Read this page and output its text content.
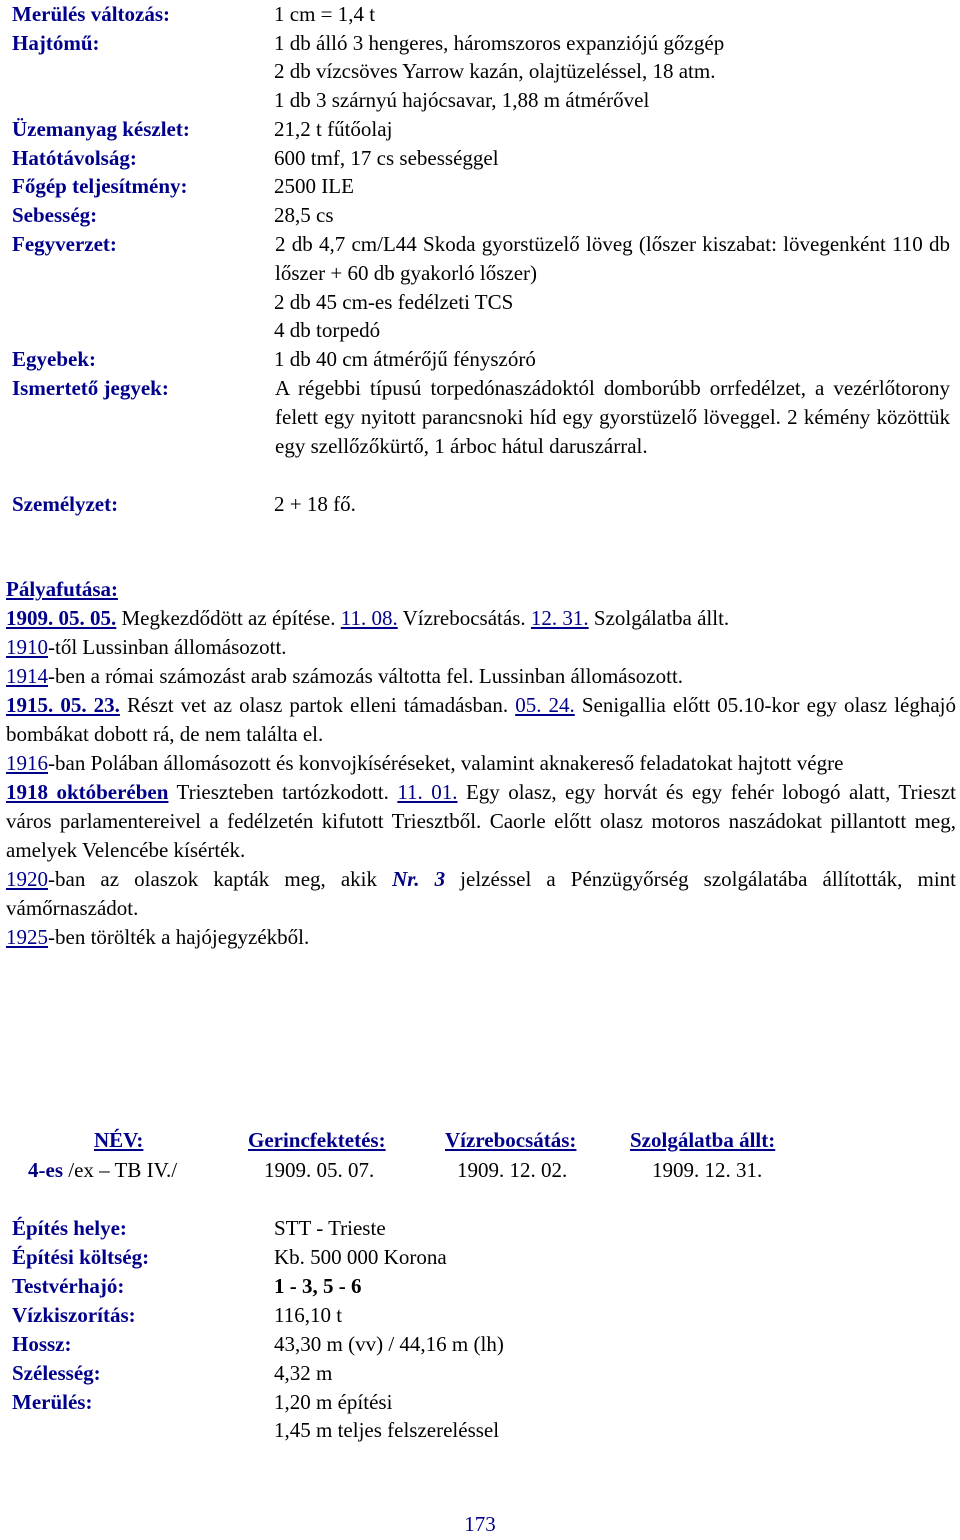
Merülés változás:	1 cm = 1,4 t
Hajtómű:	1 db álló 3 hengeres, háromszoros expanziójú gőzgép
2 db vízcsöves Yarrow kazán, olajtüzeléssel, 18 atm.
1 db 3 szárnyú hajócsavar, 1,88 m átmérővel
Üzemanyag készlet:	21,2 t fűtőolaj
Hatótávolság:	600 tmf, 17 cs sebességgel
Főgép teljesítmény:	2500 ILE
Sebesség:	28,5 cs
Fegyverzet:	2 db 4,7 cm/L44 Skoda gyorstüzelő löveg (lőszer kiszabat: lövegenként 110 db lőszer + 60 db gyakorló lőszer)
2 db 45 cm-es fedélzeti TCS
4 db torpedó
Egyebek:	1 db 40 cm átmérőjű fényszóró
Ismertető jegyek:	A régebbi típusú torpedónaszádoktól domborúbb orrfedélzet, a vezérlőtorony felett egy nyitott parancsnoki híd egy gyorstüzelő löveggel. 2 kémény közöttük egy szellőzőkürtő, 1 árboc hátul daruszárral.
Személyzet:	2 + 18 fő.

Pályafutása:

1909. 05. 05. Megkezdődött az építése. 11. 08. Vízrebocsátás. 12. 31. Szolgálatba állt.

1910-től Lussinban állomásozott.

1914-ben a római számozást arab számozás váltotta fel. Lussinban állomásozott.

1915. 05. 23. Részt vet az olasz partok elleni támadásban. 05. 24. Senigallia előtt 05.10-kor egy olasz léghajó bombákat dobott rá, de nem találta el.

1916-ban Polában állomásozott és konvojkíséréseket, valamint aknakereső feladatokat hajtott végre

1918 októberében Trieszteben tartózkodott. 11. 01. Egy olasz, egy horvát és egy fehér lobogó alatt, Trieszt város parlamentereivel a fedélzetén kifutott Triesztből. Caorle előtt olasz motoros naszádokat pillantott meg, amelyek Velencébe kísérték.

1920-ban az olaszok kapták meg, akik Nr. 3 jelzéssel a Pénzügyőrség szolgálatába állították, mint vámőrnaszádot.

1925-ben törölték a hajójegyzékből.

NÉV:	Gerincfektetés:	Vízrebocsátás:	Szolgálatba állt:
4-es /ex – TB IV./	1909. 05. 07.	1909. 12. 02.	1909. 12. 31.
Építés helye:	STT - Trieste
Építési költség:	Kb. 500 000 Korona
Testvérhajó:	1 - 3, 5 - 6
Vízkiszorítás:	116,10 t
Hossz:	43,30 m (vv) / 44,16 m (lh)
Szélesség:	4,32 m
Merülés:	1,20 m építési
1,45 m teljes felszereléssel
173
